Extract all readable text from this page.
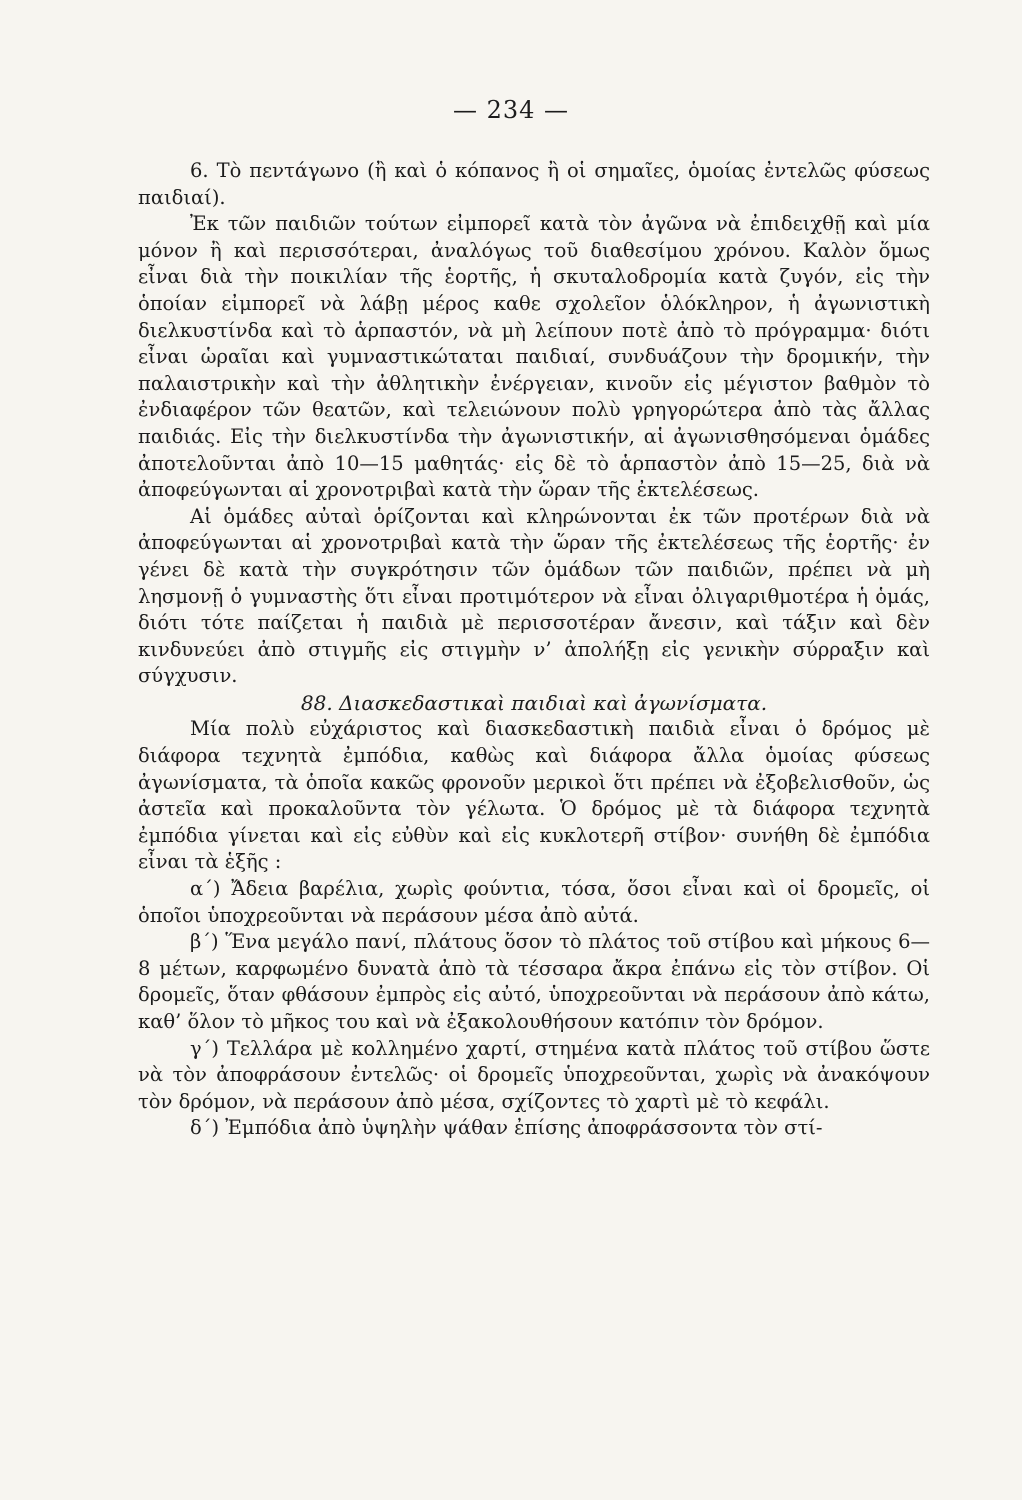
— 234 —

6. Τὸ πεντάγωνο (ἢ καὶ ὁ κόπανος ἢ οἱ σημαῖες, ὁμοίας ἐντελῶς φύσεως παιδιαί).

Ἐκ τῶν παιδιῶν τούτων εἰμπορεῖ κατὰ τὸν ἀγῶνα νὰ ἐπιδειχθῇ καὶ μία μόνον ἢ καὶ περισσότεραι, ἀναλόγως τοῦ διαθεσίμου χρόνου. Καλὸν ὅμως εἶναι διὰ τὴν ποικιλίαν τῆς ἑορτῆς, ἡ σκυταλοδρομία κατὰ ζυγόν, εἰς τὴν ὁποίαν εἰμπορεῖ νὰ λάβῃ μέρος καθε σχολεῖον ὁλόκληρον, ἡ ἀγωνιστικὴ διελκυστίνδα καὶ τὸ ἁρπαστόν, νὰ μὴ λείπουν ποτὲ ἀπὸ τὸ πρόγραμμα· διότι εἶναι ὡραῖαι καὶ γυμναστικώταται παιδιαί, συνδυάζουν τὴν δρομικήν, τὴν παλαιστρικὴν καὶ τὴν ἀθλητικὴν ἐνέργειαν, κινοῦν εἰς μέγιστον βαθμὸν τὸ ἐνδιαφέρον τῶν θεατῶν, καὶ τελειώνουν πολὺ γρηγορώτερα ἀπὸ τὰς ἄλλας παιδιάς. Εἰς τὴν διελκυστίνδα τὴν ἀγωνιστικήν, αἱ ἀγωνισθησόμεναι ὁμάδες ἀποτελοῦνται ἀπὸ 10—15 μαθητάς· εἰς δὲ τὸ ἁρπαστὸν ἀπὸ 15—25, διὰ νὰ ἀποφεύγωνται αἱ χρονοτριβαὶ κατὰ τὴν ὥραν τῆς ἐκτελέσεως.

Αἱ ὁμάδες αὐταὶ ὁρίζονται καὶ κληρώνονται ἐκ τῶν προτέρων διὰ νὰ ἀποφεύγωνται αἱ χρονοτριβαὶ κατὰ τὴν ὥραν τῆς ἐκτελέσεως τῆς ἑορτῆς· ἐν γένει δὲ κατὰ τὴν συγκρότησιν τῶν ὁμάδων τῶν παιδιῶν, πρέπει νὰ μὴ λησμονῇ ὁ γυμναστὴς ὅτι εἶναι προτιμότερον νὰ εἶναι ὀλιγαριθμοτέρα ἡ ὁμάς, διότι τότε παίζεται ἡ παιδιὰ μὲ περισσοτέραν ἄνεσιν, καὶ τάξιν καὶ δὲν κινδυνεύει ἀπὸ στιγμῆς εἰς στιγμὴν ν’ ἀπολήξῃ εἰς γενικὴν σύρραξιν καὶ σύγχυσιν.

88. Διασκεδαστικαὶ παιδιαὶ καὶ ἀγωνίσματα.

Μία πολὺ εὐχάριστος καὶ διασκεδαστικὴ παιδιὰ εἶναι ὁ δρόμος μὲ διάφορα τεχνητὰ ἐμπόδια, καθὼς καὶ διάφορα ἄλλα ὁμοίας φύσεως ἀγωνίσματα, τὰ ὁποῖα κακῶς φρονοῦν μερικοὶ ὅτι πρέπει νὰ ἐξοβελισθοῦν, ὡς ἀστεῖα καὶ προκαλοῦντα τὸν γέλωτα. Ὁ δρόμος μὲ τὰ διάφορα τεχνητὰ ἐμπόδια γίνεται καὶ εἰς εὐθὺν καὶ εἰς κυκλοτερῆ στίβον· συνήθη δὲ ἐμπόδια εἶναι τὰ ἑξῆς :

α΄) Ἄδεια βαρέλια, χωρὶς φούντια, τόσα, ὅσοι εἶναι καὶ οἱ δρομεῖς, οἱ ὁποῖοι ὑποχρεοῦνται νὰ περάσουν μέσα ἀπὸ αὐτά.

β΄) Ἕνα μεγάλο πανί, πλάτους ὅσον τὸ πλάτος τοῦ στίβου καὶ μήκους 6—8 μέτων, καρφωμένο δυνατὰ ἀπὸ τὰ τέσσαρα ἄκρα ἐπάνω εἰς τὸν στίβον. Οἱ δρομεῖς, ὅταν φθάσουν ἐμπρὸς εἰς αὐτό, ὑποχρεοῦνται νὰ περάσουν ἀπὸ κάτω, καθ’ ὅλον τὸ μῆκος του καὶ νὰ ἐξακολουθήσουν κατόπιν τὸν δρόμον.

γ΄) Τελλάρα μὲ κολλημένο χαρτί, στημένα κατὰ πλάτος τοῦ στίβου ὥστε νὰ τὸν ἀποφράσουν ἐντελῶς· οἱ δρομεῖς ὑποχρεοῦνται, χωρὶς νὰ ἀνακόψουν τὸν δρόμον, νὰ περάσουν ἀπὸ μέσα, σχίζοντες τὸ χαρτὶ μὲ τὸ κεφάλι.

δ΄) Ἐμπόδια ἀπὸ ὑψηλὴν ψάθαν ἐπίσης ἀποφράσσοντα τὸν στί-
